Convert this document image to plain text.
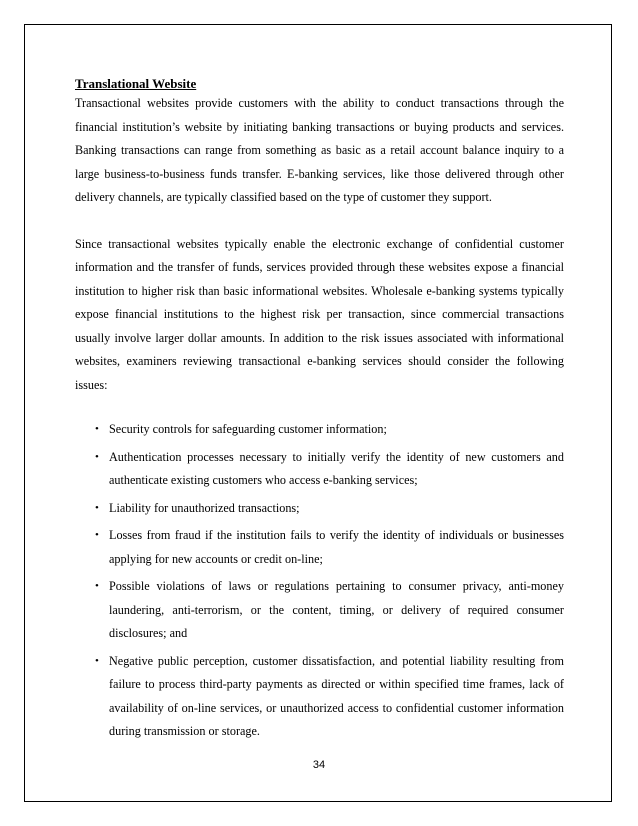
Translational Website

Transactional websites provide customers with the ability to conduct transactions through the financial institution’s website by initiating banking transactions or buying products and services. Banking transactions can range from something as basic as a retail account balance inquiry to a large business-to-business funds transfer. E-banking services, like those delivered through other delivery channels, are typically classified based on the type of customer they support.

Since transactional websites typically enable the electronic exchange of confidential customer information and the transfer of funds, services provided through these websites expose a financial institution to higher risk than basic informational websites. Wholesale e-banking systems typically expose financial institutions to the highest risk per transaction, since commercial transactions usually involve larger dollar amounts. In addition to the risk issues associated with informational websites, examiners reviewing transactional e-banking services should consider the following issues:

• Security controls for safeguarding customer information;
• Authentication processes necessary to initially verify the identity of new customers and authenticate existing customers who access e-banking services;
• Liability for unauthorized transactions;
• Losses from fraud if the institution fails to verify the identity of individuals or businesses applying for new accounts or credit on-line;
• Possible violations of laws or regulations pertaining to consumer privacy, anti-money laundering, anti-terrorism, or the content, timing, or delivery of required consumer disclosures; and
• Negative public perception, customer dissatisfaction, and potential liability resulting from failure to process third-party payments as directed or within specified time frames, lack of availability of on-line services, or unauthorized access to confidential customer information during transmission or storage.
34
